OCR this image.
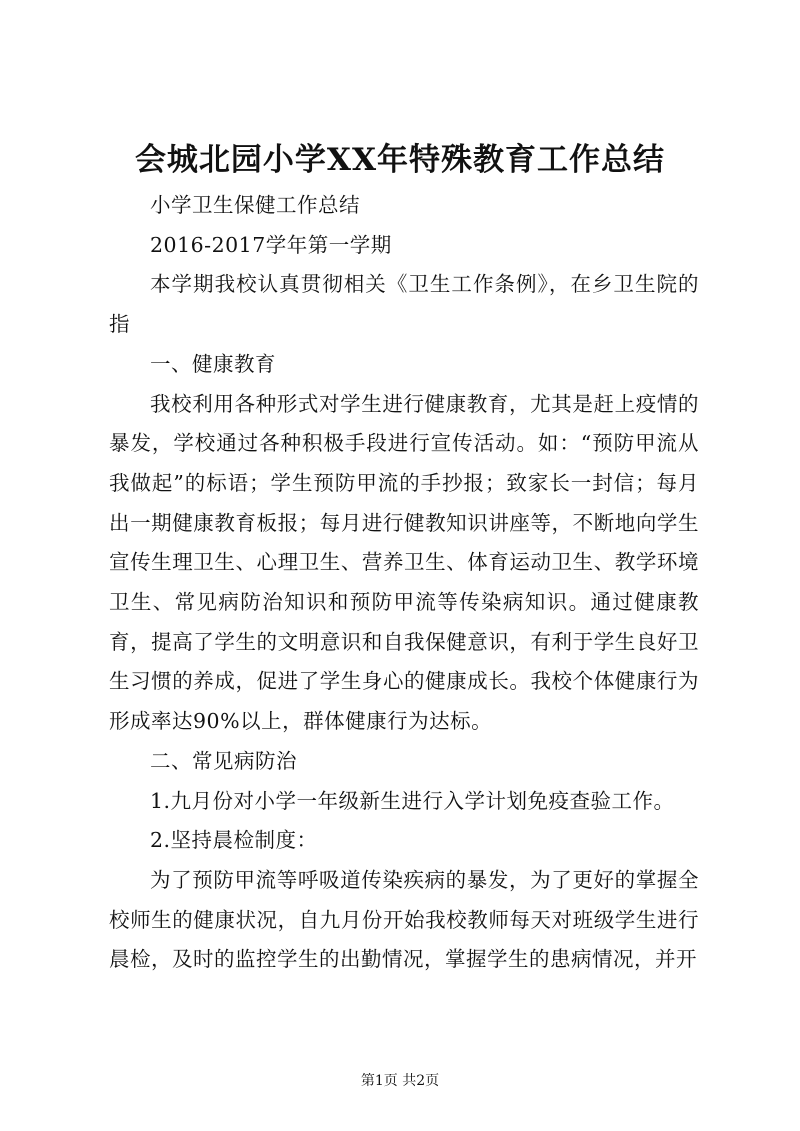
会城北园小学XX年特殊教育工作总结

小学卫生保健工作总结

2016-2017学年第一学期

本学期我校认真贯彻相关《卫生工作条例》，在乡卫生院的指

一、健康教育

我校利用各种形式对学生进行健康教育，尤其是赶上疫情的暴发，学校通过各种积极手段进行宣传活动。如：“预防甲流从我做起”的标语；学生预防甲流的手抄报；致家长一封信；每月出一期健康教育板报；每月进行健教知识讲座等，不断地向学生宣传生理卫生、心理卫生、营养卫生、体育运动卫生、教学环境卫生、常见病防治知识和预防甲流等传染病知识。通过健康教育，提高了学生的文明意识和自我保健意识，有利于学生良好卫生习惯的养成，促进了学生身心的健康成长。我校个体健康行为形成率达90%以上，群体健康行为达标。

二、常见病防治

1.九月份对小学一年级新生进行入学计划免疫查验工作。

2.坚持晨检制度：

为了预防甲流等呼吸道传染疾病的暴发，为了更好的掌握全校师生的健康状况，自九月份开始我校教师每天对班级学生进行晨检，及时的监控学生的出勤情况，掌握学生的患病情况，并开

第1页 共2页
